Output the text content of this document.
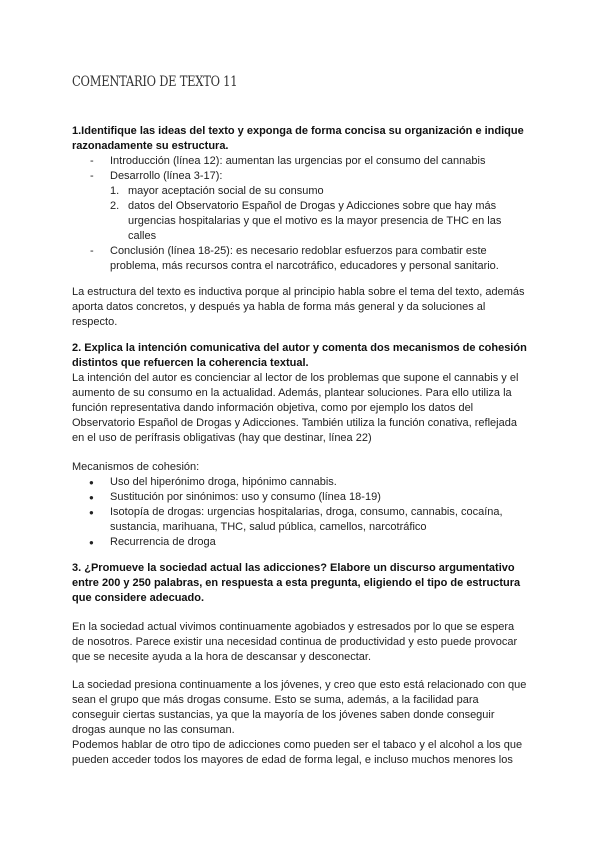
COMENTARIO DE TEXTO 11

1.Identifique las ideas del texto y exponga de forma concisa su organización e indique razonadamente su estructura.

- Introducción (línea 12): aumentan las urgencias por el consumo del cannabis
- Desarrollo (línea 3-17):
1. mayor aceptación social de su consumo
2. datos del Observatorio Español de Drogas y Adicciones sobre que hay más urgencias hospitalarias y que el motivo es la mayor presencia de THC en las calles
- Conclusión (línea 18-25): es necesario redoblar esfuerzos para combatir este problema, más recursos contra el narcotráfico, educadores y personal sanitario.
La estructura del texto es inductiva porque al principio habla sobre el tema del texto, además aporta datos concretos, y después ya habla de forma más general y da soluciones al respecto.

2. Explica la intención comunicativa del autor y comenta dos mecanismos de cohesión distintos que refuercen la coherencia textual.

La intención del autor es concienciar al lector de los problemas que supone el cannabis y el aumento de su consumo en la actualidad. Además, plantear soluciones. Para ello utiliza la función representativa dando información objetiva, como por ejemplo los datos del Observatorio Español de Drogas y Adicciones. También utiliza la función conativa, reflejada en el uso de perífrasis obligativas (hay que destinar, línea 22)

Mecanismos de cohesión:

● Uso del hiperónimo droga, hipónimo cannabis.
● Sustitución por sinónimos: uso y consumo (línea 18-19)
● Isotopía de drogas: urgencias hospitalarias, droga, consumo, cannabis, cocaína, sustancia, marihuana, THC, salud pública, camellos, narcotráfico
● Recurrencia de droga

3. ¿Promueve la sociedad actual las adicciones? Elabore un discurso argumentativo entre 200 y 250 palabras, en respuesta a esta pregunta, eligiendo el tipo de estructura que considere adecuado.

En la sociedad actual vivimos continuamente agobiados y estresados por lo que se espera de nosotros. Parece existir una necesidad continua de productividad y esto puede provocar que se necesite ayuda a la hora de descansar y desconectar.
La sociedad presiona continuamente a los jóvenes, y creo que esto está relacionado con que sean el grupo que más drogas consume. Esto se suma, además, a la facilidad para conseguir ciertas sustancias, ya que la mayoría de los jóvenes saben donde conseguir drogas aunque no las consuman.
Podemos hablar de otro tipo de adicciones como pueden ser el tabaco y el alcohol a los que pueden acceder todos los mayores de edad de forma legal, e incluso muchos menores los
